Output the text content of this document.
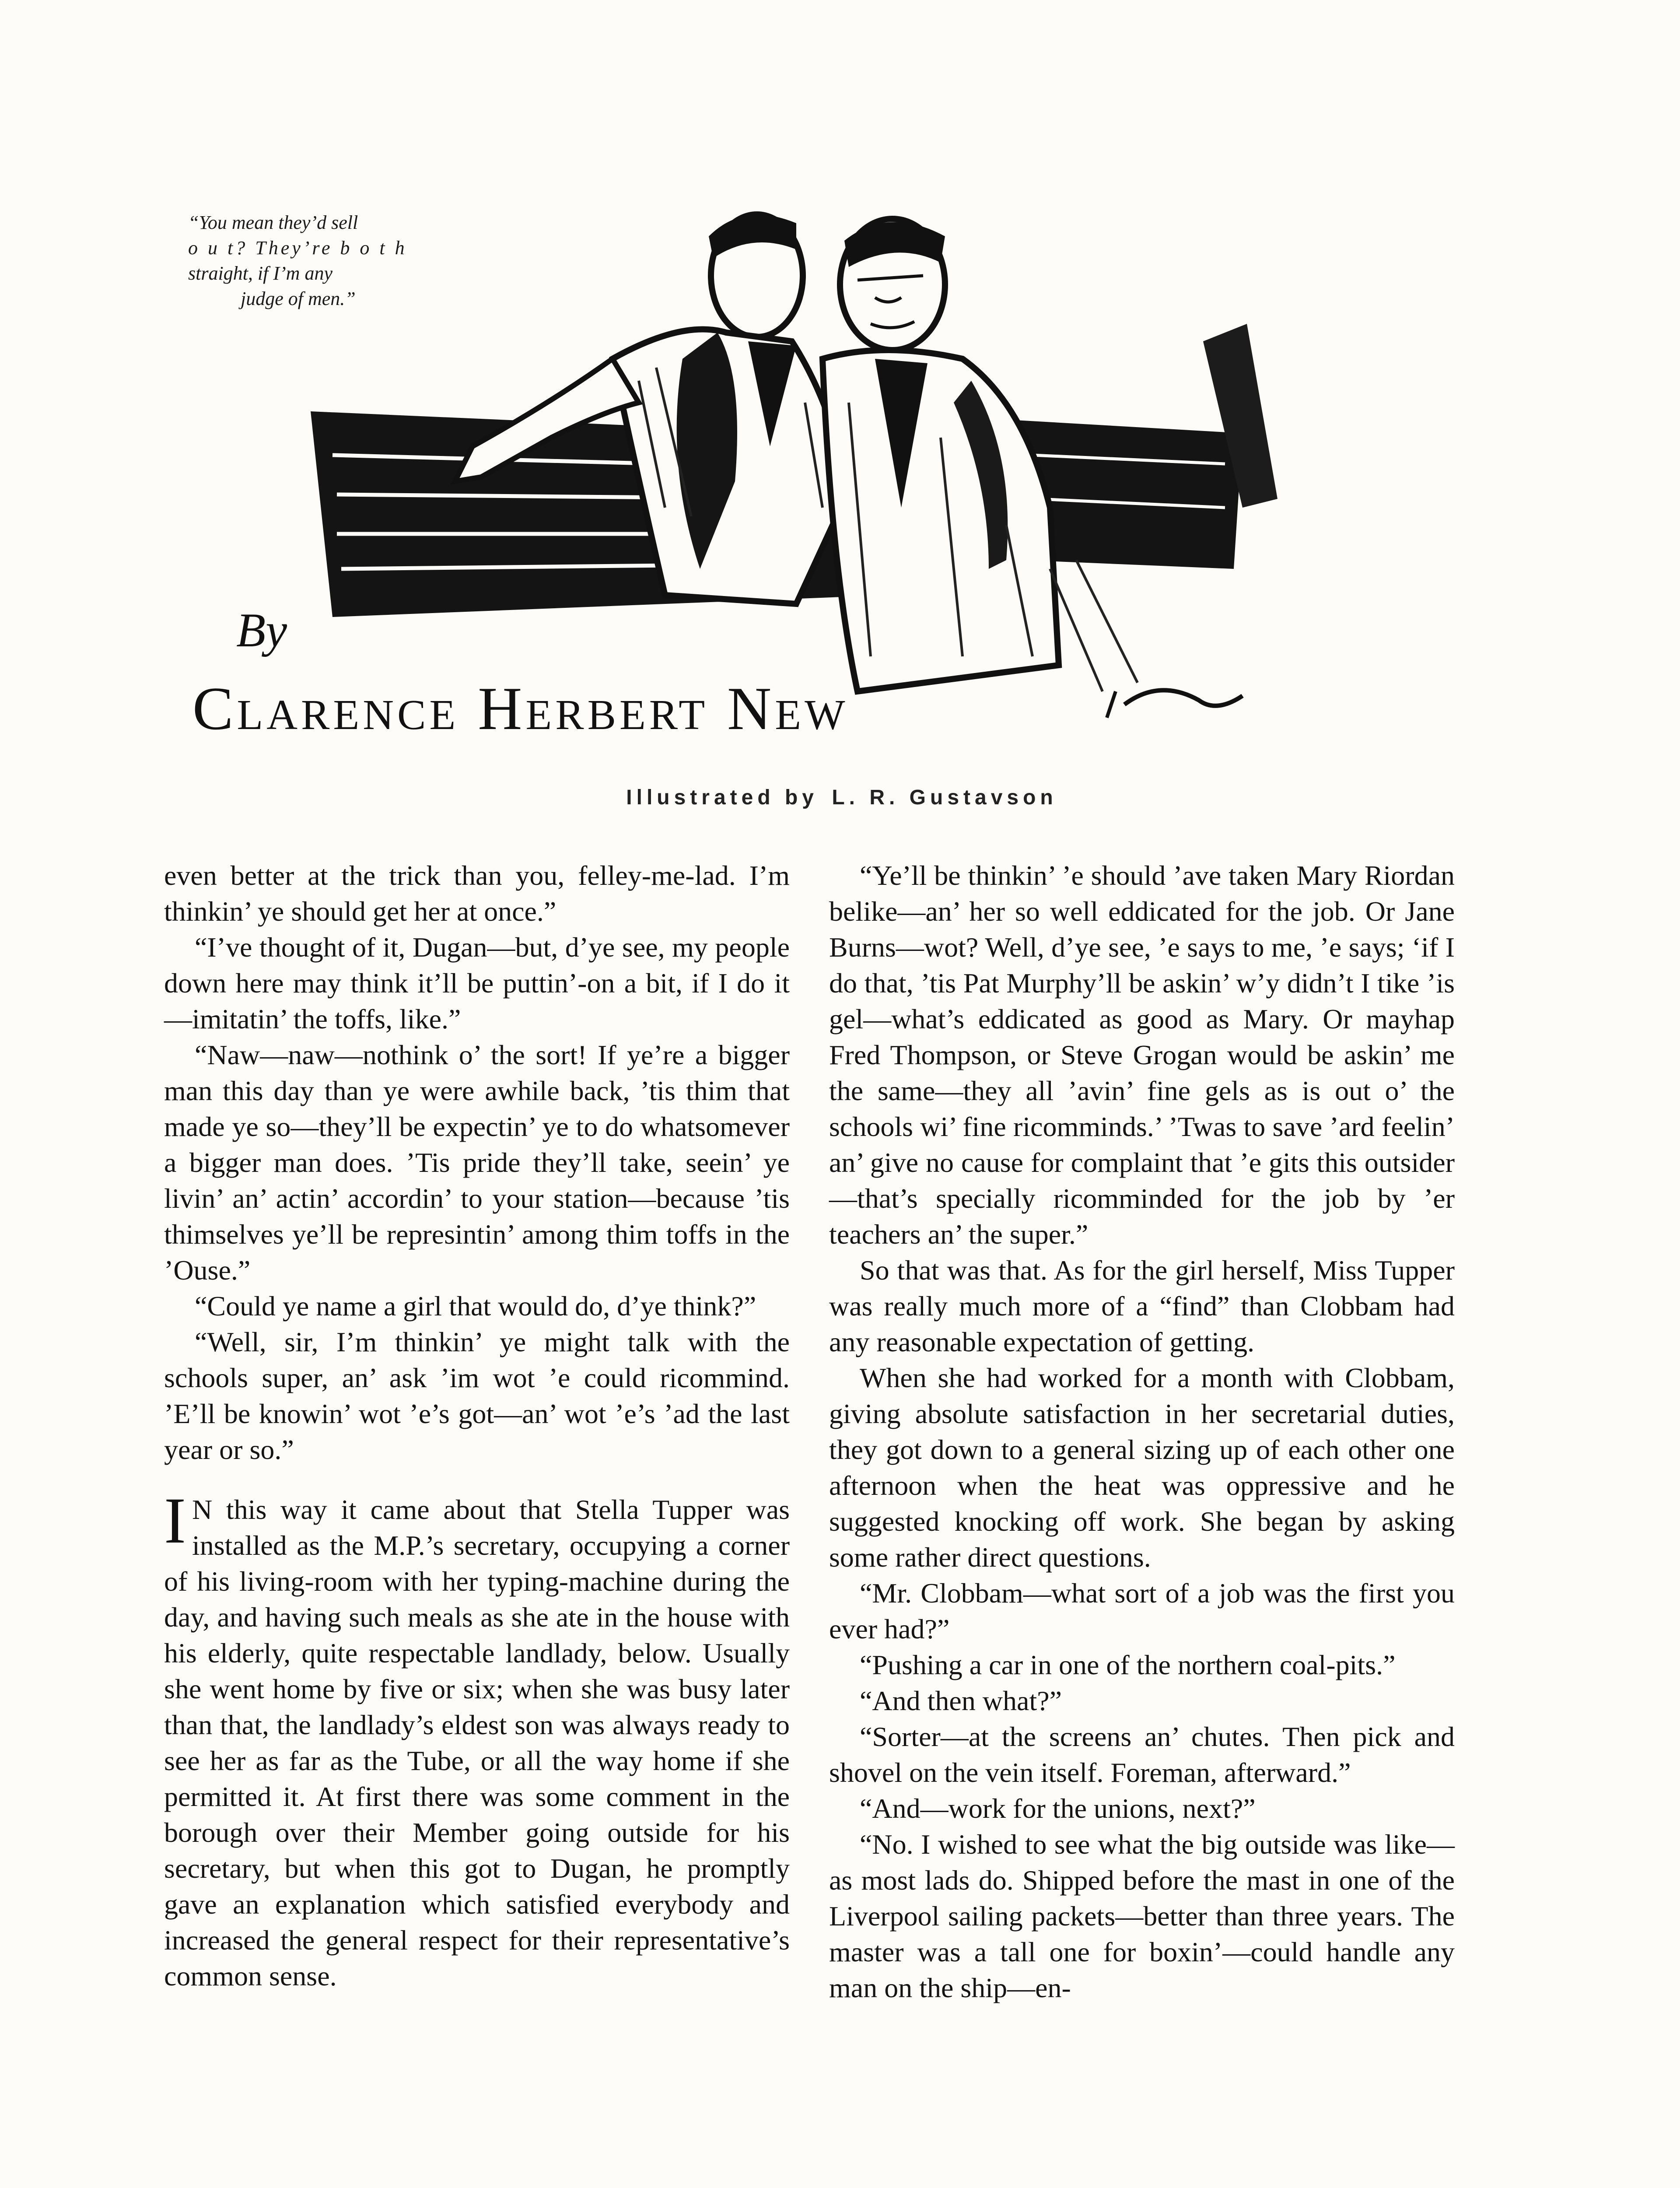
“You mean they’d sell

o u t? They’re b o t h

straight, if I’m any

judge of men.”

By
Clarence Herbert New
Illustrated by L. R. Gustavson

even better at the trick than you, felley-me-lad. I’m thinkin’ ye should get her at once.”

“I’ve thought of it, Dugan—but, d’ye see, my people down here may think it’ll be puttin’-on a bit, if I do it—imitatin’ the toffs, like.”

“Naw—naw—nothink o’ the sort! If ye’re a bigger man this day than ye were awhile back, ’tis thim that made ye so—they’ll be expectin’ ye to do whatsomever a bigger man does. ’Tis pride they’ll take, seein’ ye livin’ an’ actin’ accordin’ to your station—because ’tis thimselves ye’ll be represintin’ among thim toffs in the ’Ouse.”

“Could ye name a girl that would do, d’ye think?”

“Well, sir, I’m thinkin’ ye might talk with the schools super, an’ ask ’im wot ’e could ricommind. ’E’ll be knowin’ wot ’e’s got—an’ wot ’e’s ’ad the last year or so.”

I N this way it came about that Stella Tupper was installed as the M.P.’s secretary, occupying a corner of his living-room with her typing-machine during the day, and having such meals as she ate in the house with his elderly, quite respectable landlady, below. Usually she went home by five or six; when she was busy later than that, the landlady’s eldest son was always ready to see her as far as the Tube, or all the way home if she permitted it. At first there was some comment in the borough over their Member going outside for his secretary, but when this got to Dugan, he promptly gave an explanation which satisfied everybody and increased the general respect for their representative’s common sense.

“Ye’ll be thinkin’ ’e should ’ave taken Mary Riordan belike—an’ her so well eddicated for the job. Or Jane Burns—wot? Well, d’ye see, ’e says to me, ’e says; ‘if I do that, ’tis Pat Murphy’ll be askin’ w’y didn’t I tike ’is gel—what’s eddicated as good as Mary. Or mayhap Fred Thompson, or Steve Grogan would be askin’ me the same—they all ’avin’ fine gels as is out o’ the schools wi’ fine ricomminds.’ ’Twas to save ’ard feelin’ an’ give no cause for complaint that ’e gits this outsider—that’s specially ricomminded for the job by ’er teachers an’ the super.”

So that was that. As for the girl herself, Miss Tupper was really much more of a “find” than Clobbam had any reasonable expectation of getting.

When she had worked for a month with Clobbam, giving absolute satisfaction in her secretarial duties, they got down to a general sizing up of each other one afternoon when the heat was oppressive and he suggested knocking off work. She began by asking some rather direct questions.

“Mr. Clobbam—what sort of a job was the first you ever had?”

“Pushing a car in one of the northern coal-pits.”

“And then what?”

“Sorter—at the screens an’ chutes. Then pick and shovel on the vein itself. Foreman, afterward.”

“And—work for the unions, next?”

“No. I wished to see what the big outside was like—as most lads do. Shipped before the mast in one of the Liverpool sailing packets—better than three years. The master was a tall one for boxin’—could handle any man on the ship—en-
